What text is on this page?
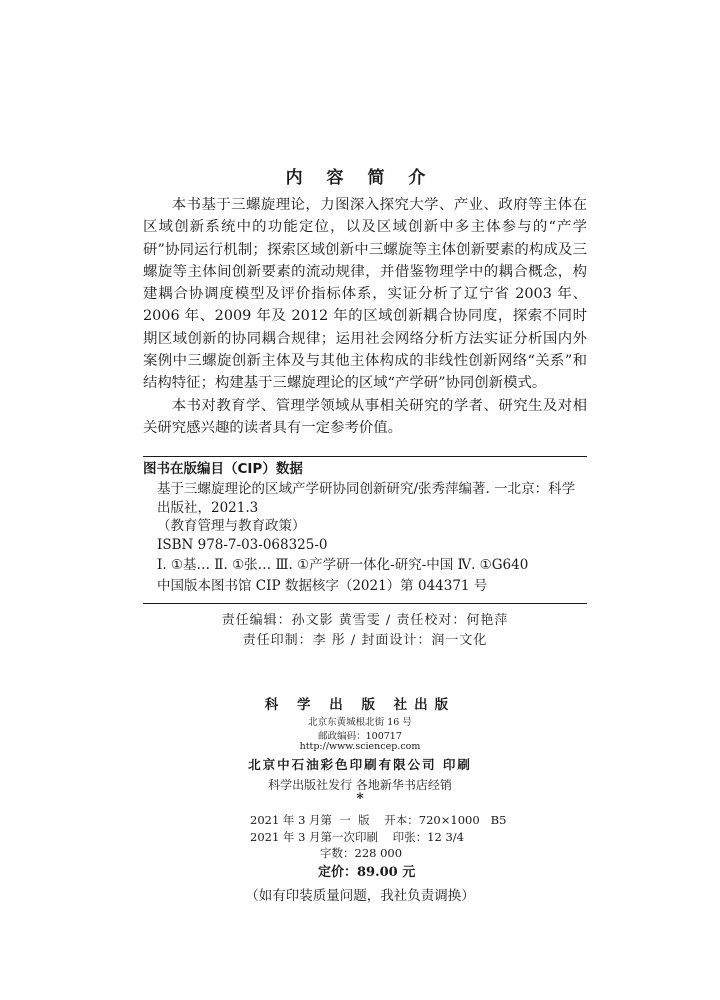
内 容 简 介

本书基于三螺旋理论，力图深入探究大学、产业、政府等主体在区域创新系统中的功能定位，以及区域创新中多主体参与的“产学研”协同运行机制；探索区域创新中三螺旋等主体创新要素的构成及三螺旋等主体间创新要素的流动规律，并借鉴物理学中的耦合概念，构建耦合协调度模型及评价指标体系，实证分析了辽宁省 2003 年、2006 年、2009 年及 2012 年的区域创新耦合协同度，探索不同时期区域创新的协同耦合规律；运用社会网络分析方法实证分析国内外案例中三螺旋创新主体及与其他主体构成的非线性创新网络“关系”和结构特征；构建基于三螺旋理论的区域“产学研”协同创新模式。

本书对教育学、管理学领域从事相关研究的学者、研究生及对相关研究感兴趣的读者具有一定参考价值。

图书在版编目（CIP）数据
基于三螺旋理论的区域产学研协同创新研究/张秀萍编著. 一北京：科学
出版社，2021.3
（教育管理与教育政策）
ISBN 978-7-03-068325-0
Ⅰ. ①基… Ⅱ. ①张… Ⅲ. ①产学研一体化-研究-中国 Ⅳ. ①G640
中国版本图书馆 CIP 数据核字（2021）第 044371 号
责任编辑：孙文影 黄雪雯 / 责任校对：何艳萍
责任印制：李 彤 / 封面设计：润一文化
科 学 出 版 社出版
北京东黄城根北街 16 号
邮政编码：100717
http://www.sciencep.com
北京中石油彩色印刷有限公司 印刷
科学出版社发行 各地新华书店经销
*
2021 年 3 月第  一  版    开本：720×1000   B5
2021 年 3 月第一次印刷    印张：12 3/4
字数：228 000
定价：89.00 元
（如有印装质量问题，我社负责调换）
